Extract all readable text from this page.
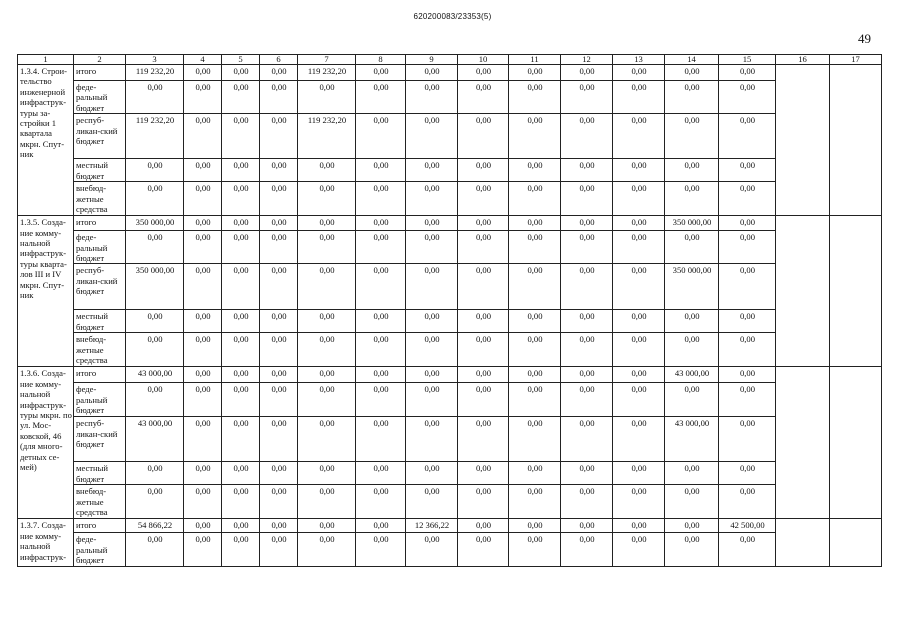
620200083/23353(5)
49
1	2	3	4	5	6	7	8	9	10	11	12	13	14	15	16	17
1.3.4. Строи-тельство инженерной инфраструк-туры за-стройки 1 квартала мкрн. Спут-ник	итого	119 232,20	0,00	0,00	0,00	119 232,20	0,00	0,00	0,00	0,00	0,00	0,00	0,00	0,00		
	феде-ральный бюджет	0,00	0,00	0,00	0,00	0,00	0,00	0,00	0,00	0,00	0,00	0,00	0,00	0,00		
	респуб-ликан-ский бюджет	119 232,20	0,00	0,00	0,00	119 232,20	0,00	0,00	0,00	0,00	0,00	0,00	0,00	0,00		
	местный бюджет	0,00	0,00	0,00	0,00	0,00	0,00	0,00	0,00	0,00	0,00	0,00	0,00	0,00		
	внебюд-жетные средства	0,00	0,00	0,00	0,00	0,00	0,00	0,00	0,00	0,00	0,00	0,00	0,00	0,00		
1.3.5. Созда-ние комму-нальной инфраструк-туры кварта-лов III и IV мкрн. Спут-ник	итого	350 000,00	0,00	0,00	0,00	0,00	0,00	0,00	0,00	0,00	0,00	0,00	350 000,00	0,00		
	феде-ральный бюджет	0,00	0,00	0,00	0,00	0,00	0,00	0,00	0,00	0,00	0,00	0,00	0,00	0,00		
	респуб-ликан-ский бюджет	350 000,00	0,00	0,00	0,00	0,00	0,00	0,00	0,00	0,00	0,00	0,00	350 000,00	0,00		
	местный бюджет	0,00	0,00	0,00	0,00	0,00	0,00	0,00	0,00	0,00	0,00	0,00	0,00	0,00		
	внебюд-жетные средства	0,00	0,00	0,00	0,00	0,00	0,00	0,00	0,00	0,00	0,00	0,00	0,00	0,00		
1.3.6. Созда-ние комму-нальной инфраструк-туры мкрн. по ул. Мос-ковской, 46 (для много-детных се-мей)	итого	43 000,00	0,00	0,00	0,00	0,00	0,00	0,00	0,00	0,00	0,00	0,00	43 000,00	0,00		
	феде-ральный бюджет	0,00	0,00	0,00	0,00	0,00	0,00	0,00	0,00	0,00	0,00	0,00	0,00	0,00		
	респуб-ликан-ский бюджет	43 000,00	0,00	0,00	0,00	0,00	0,00	0,00	0,00	0,00	0,00	0,00	43 000,00	0,00		
	местный бюджет	0,00	0,00	0,00	0,00	0,00	0,00	0,00	0,00	0,00	0,00	0,00	0,00	0,00		
	внебюд-жетные средства	0,00	0,00	0,00	0,00	0,00	0,00	0,00	0,00	0,00	0,00	0,00	0,00	0,00		
1.3.7. Созда-ние комму-нальной инфраструк-	итого	54 866,22	0,00	0,00	0,00	0,00	0,00	12 366,22	0,00	0,00	0,00	0,00	0,00	42 500,00		
	феде-ральный бюджет	0,00	0,00	0,00	0,00	0,00	0,00	0,00	0,00	0,00	0,00	0,00	0,00	0,00		
